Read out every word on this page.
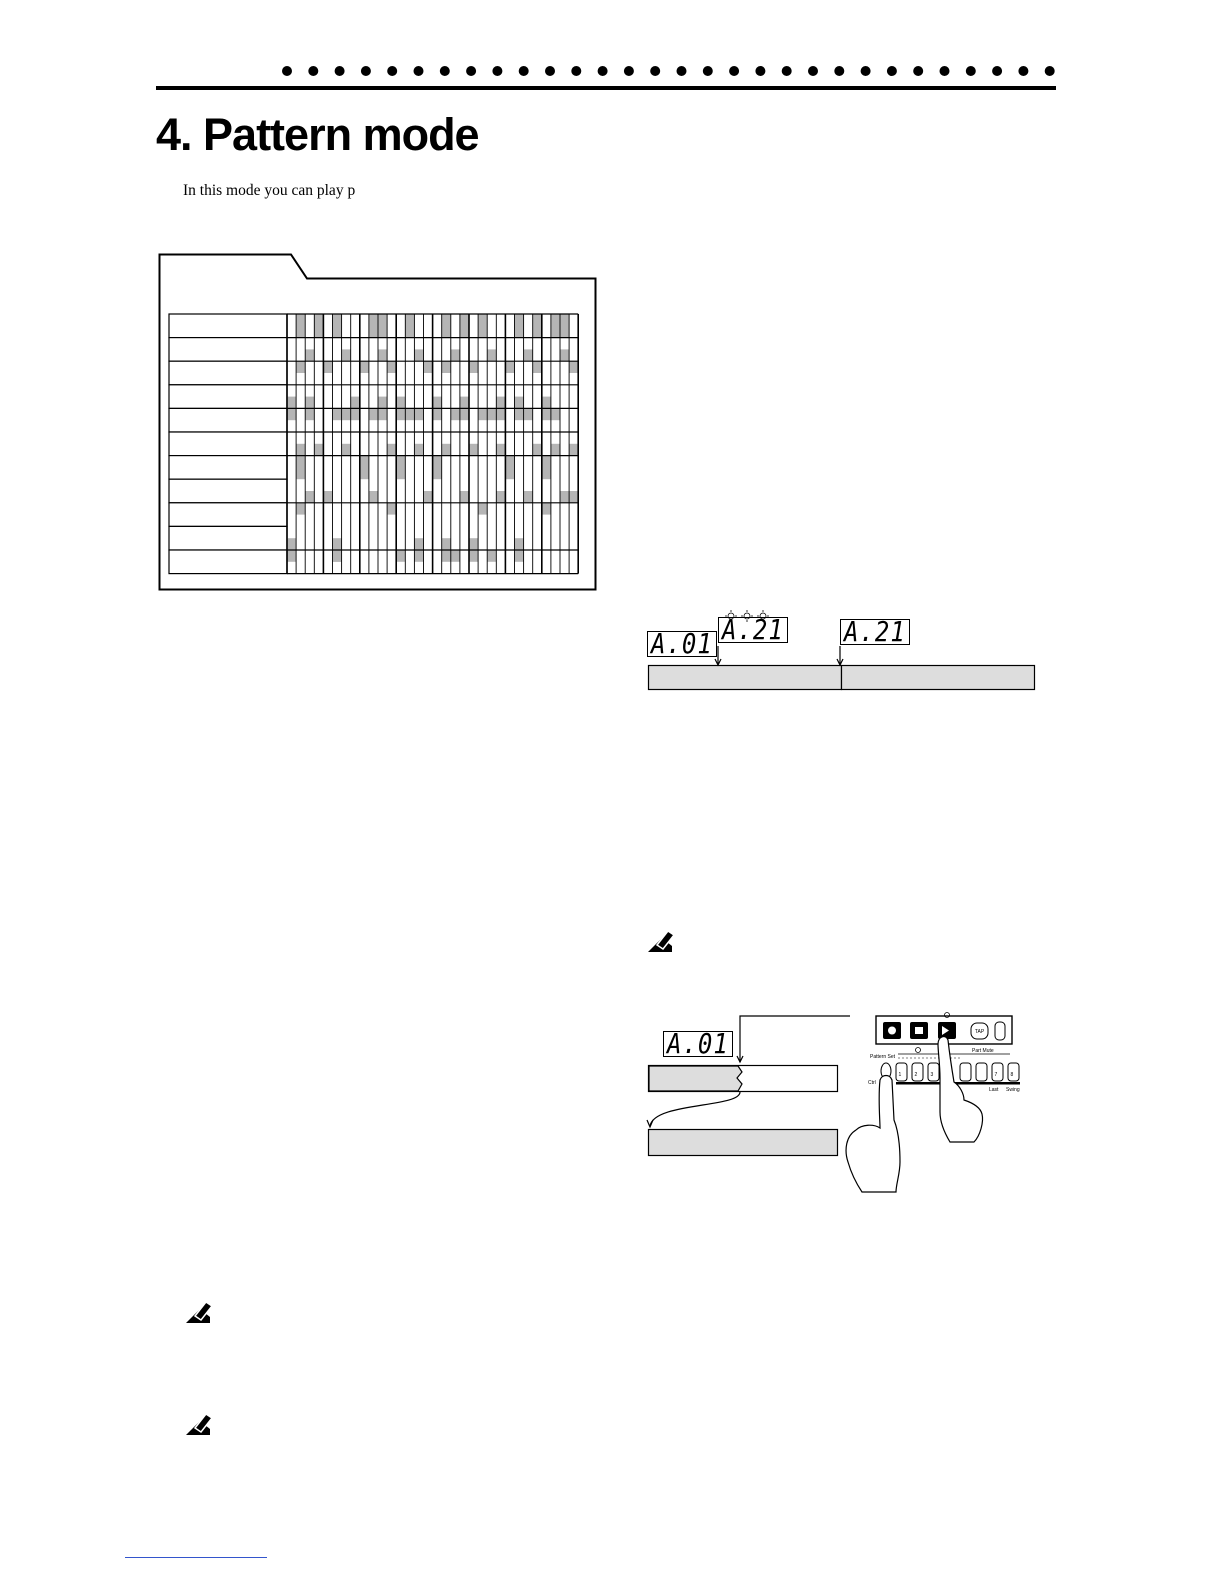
4. Pattern mode
In this mode you can play p
A.01 A.21	A.21
A.01	TAP
Pattern Set
Part Mute
Ctrl
1	2	3	7	8
Last Swing
